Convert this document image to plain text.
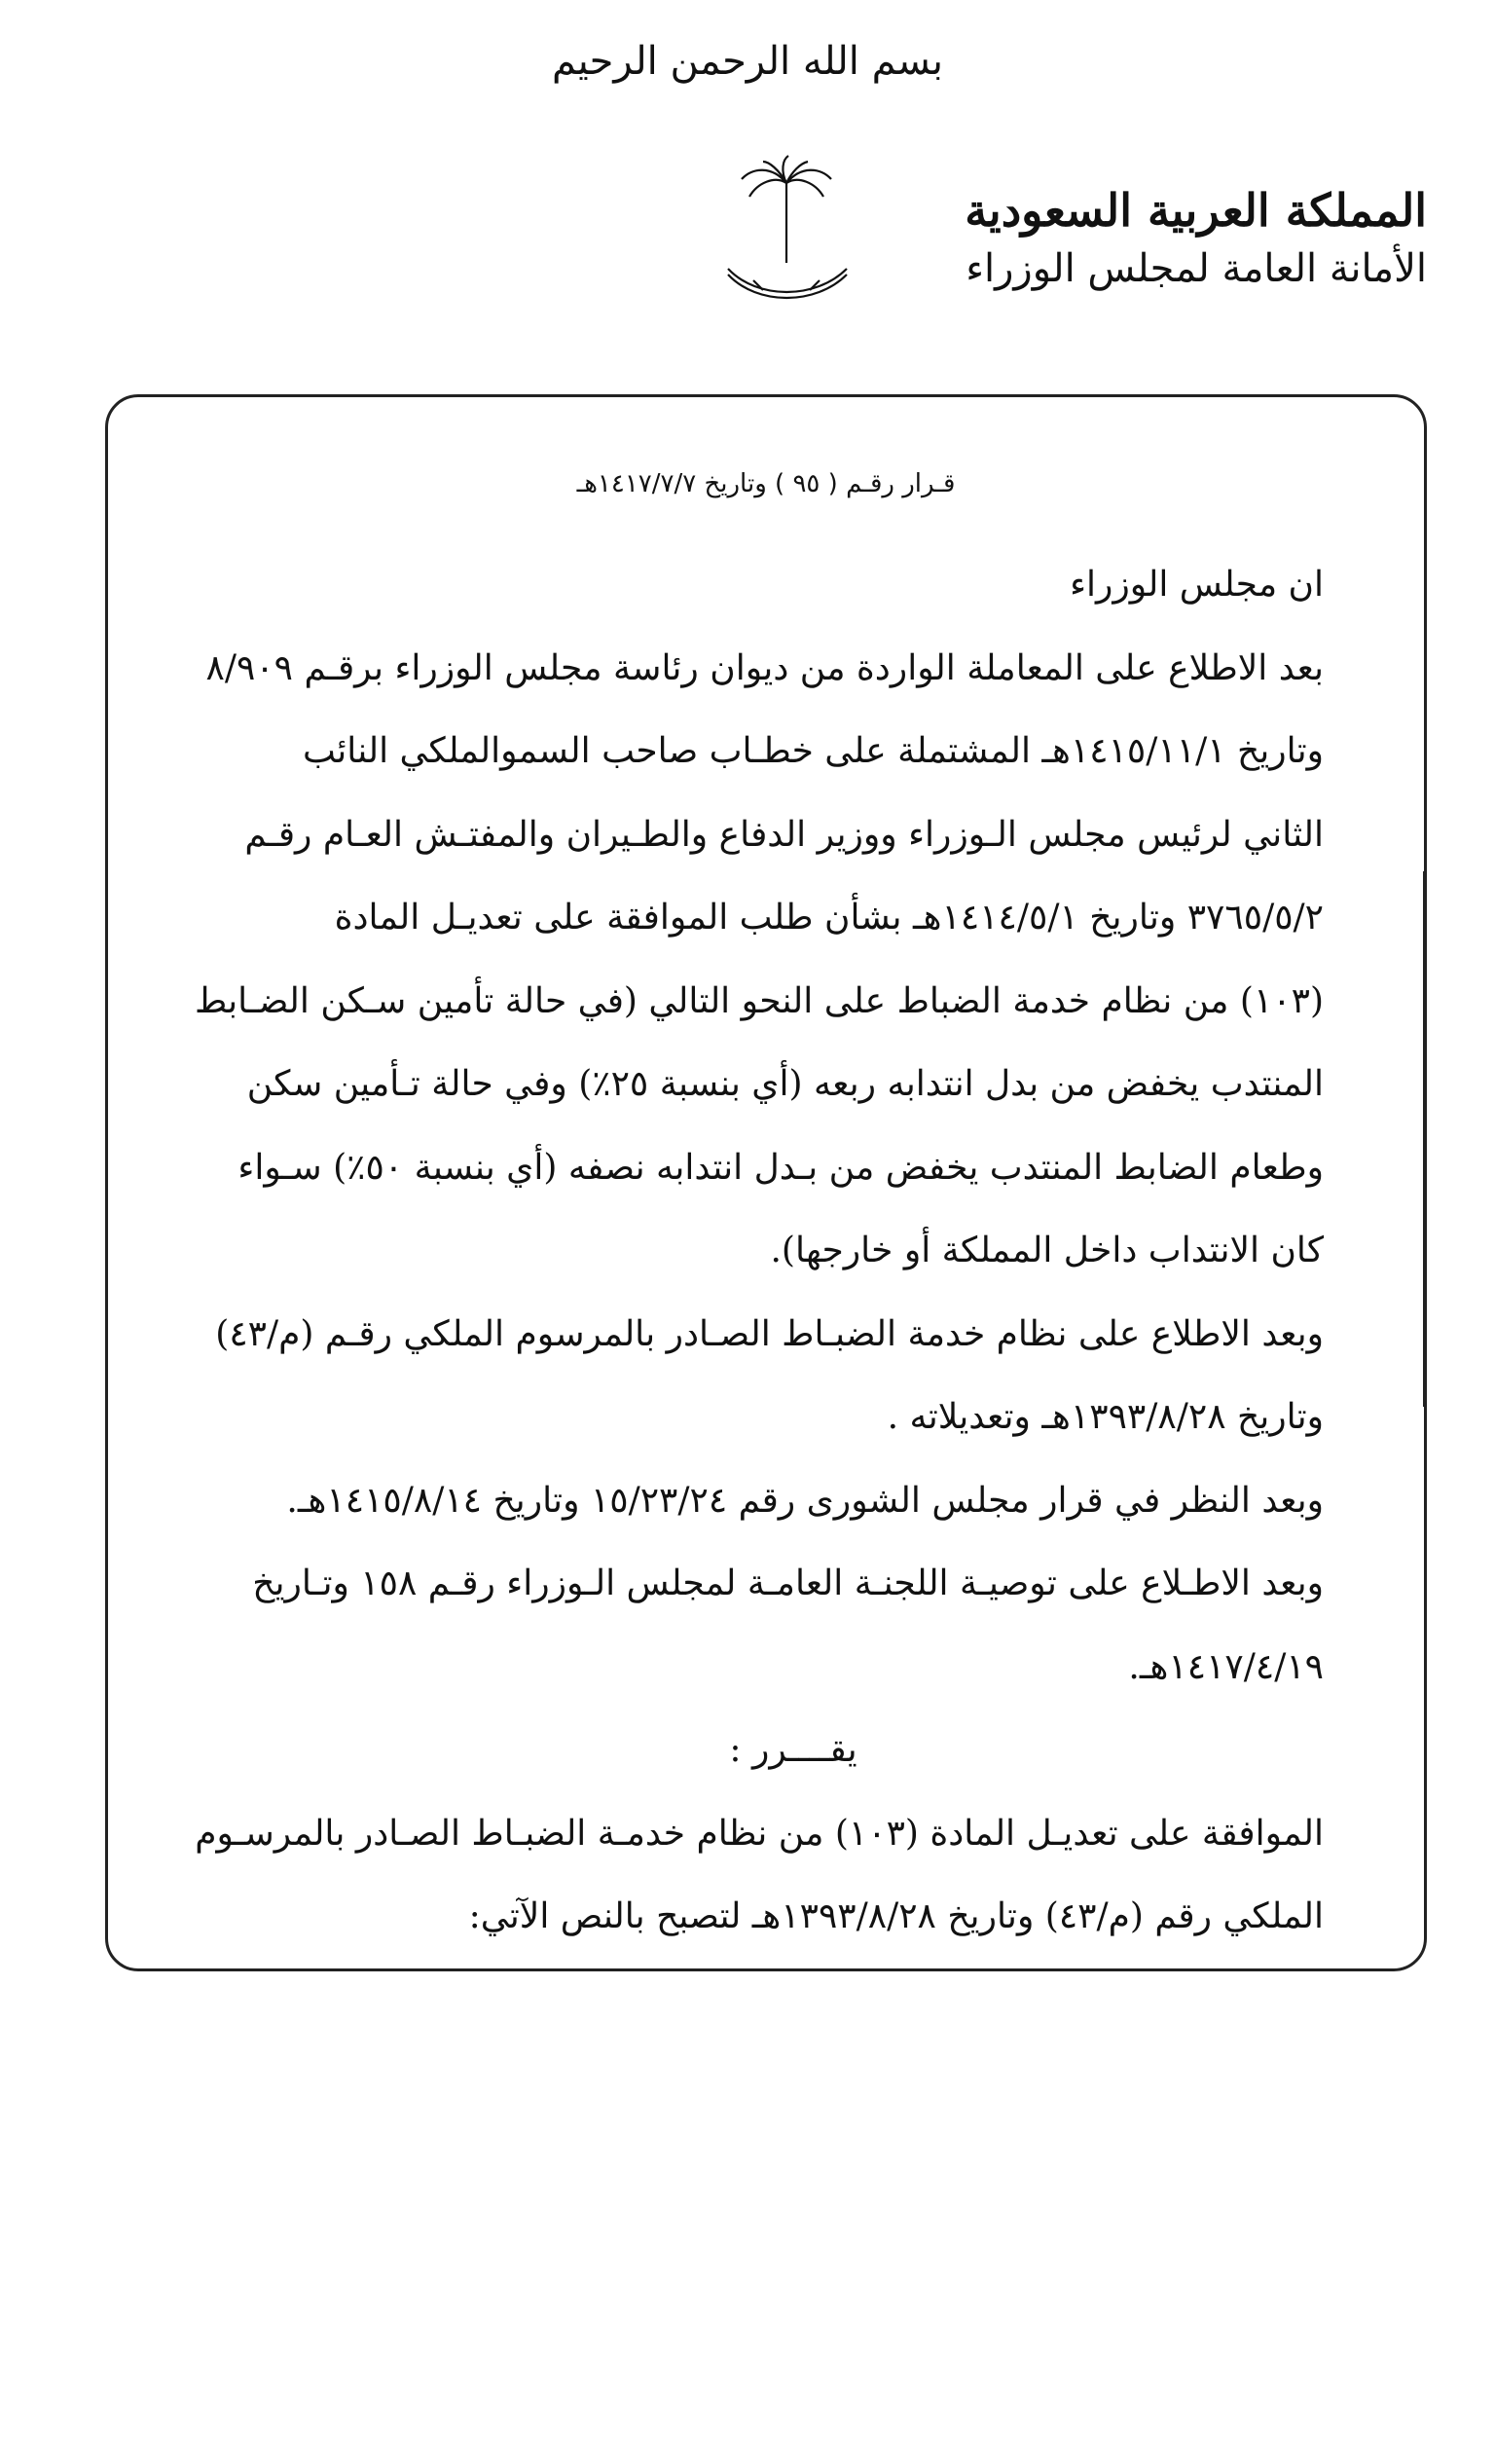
بسم الله الرحمن الرحيم
المملكة العربية السعودية
الأمانة العامة لمجلس الوزراء
قـرار رقـم ( ٩٥ ) وتاريخ ١٤١٧/٧/٧هـ
ان مجلس الوزراء
بعد الاطلاع على المعاملة الواردة من ديوان رئاسة مجلس الوزراء برقـم ٨/٩٠٩
وتاريخ ١٤١٥/١١/١هـ المشتملة على خطـاب صاحب السموالملكي النائب
الثاني لرئيس مجلس الـوزراء ووزير الدفاع والطـيران والمفتـش العـام رقـم
٣٧٦٥/٥/٢ وتاريخ ١٤١٤/٥/١هـ بشأن طلب الموافقة على تعديـل المادة
(١٠٣) من نظام خدمة الضباط على النحو التالي (في حالة تأمين سـكن الضـابط
المنتدب يخفض من بدل انتدابه ربعه (أي بنسبة ٢٥٪) وفي حالة تـأمين سكن
وطعام الضابط المنتدب يخفض من بـدل انتدابه نصفه (أي بنسبة ٥٠٪) سـواء
كان الانتداب داخل المملكة أو خارجها).
وبعد الاطلاع على نظام خدمة الضبـاط الصـادر بالمرسوم الملكي رقـم (م/٤٣)
وتاريخ ١٣٩٣/٨/٢٨هـ وتعديلاته .
وبعد النظر في قرار مجلس الشورى رقم ١٥/٢٣/٢٤ وتاريخ ١٤١٥/٨/١٤هـ.
وبعد الاطـلاع على توصيـة اللجنـة العامـة لمجلس الـوزراء رقـم ١٥٨ وتـاريخ
١٤١٧/٤/١٩هـ.
يقــــرر :
الموافقة على تعديـل المادة (١٠٣) من نظام خدمـة الضبـاط الصـادر بالمرسـوم
الملكي رقم (م/٤٣) وتاريخ ١٣٩٣/٨/٢٨هـ لتصبح بالنص الآتي:
